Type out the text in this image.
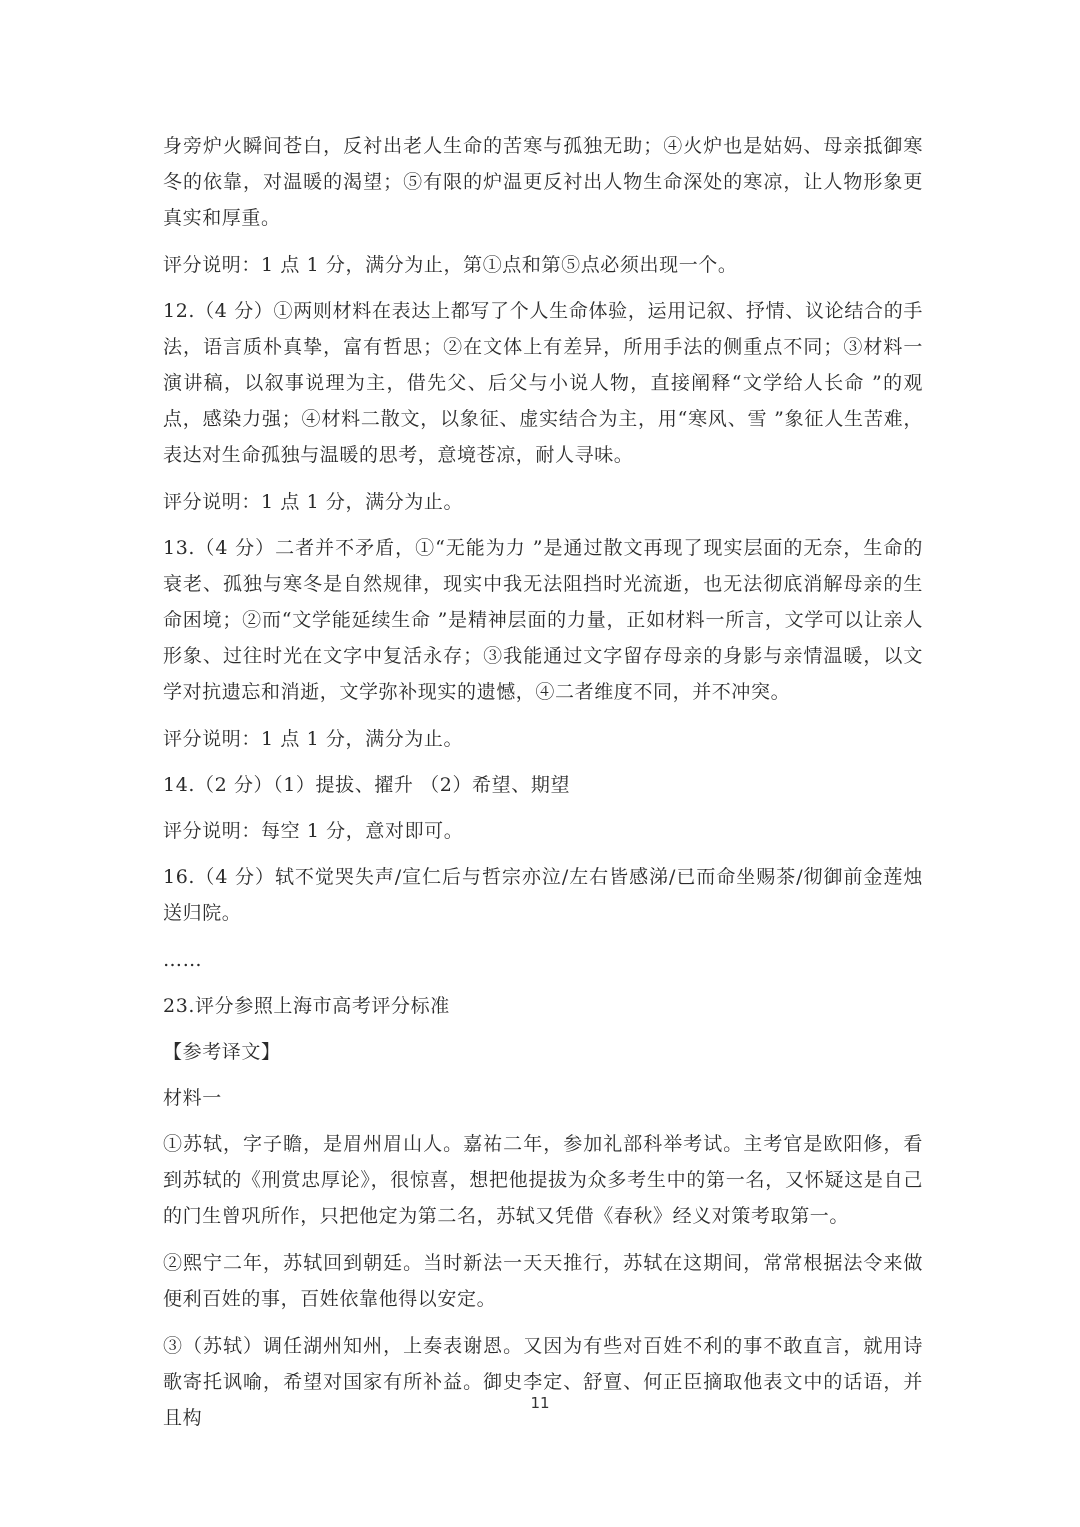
身旁炉火瞬间苍白，反衬出老人生命的苦寒与孤独无助；④火炉也是姑妈、母亲抵御寒冬的依靠，对温暖的渴望；⑤有限的炉温更反衬出人物生命深处的寒凉，让人物形象更真实和厚重。

评分说明：1 点 1 分，满分为止，第①点和第⑤点必须出现一个。

12.（4 分）①两则材料在表达上都写了个人生命体验，运用记叙、抒情、议论结合的手法，语言质朴真挚，富有哲思；②在文体上有差异，所用手法的侧重点不同；③材料一演讲稿，以叙事说理为主，借先父、后父与小说人物，直接阐释“文学给人长命 ”的观点，感染力强；④材料二散文，以象征、虚实结合为主，用“寒风、雪 ”象征人生苦难，表达对生命孤独与温暖的思考，意境苍凉，耐人寻味。

评分说明：1 点 1 分，满分为止。

13.（4 分）二者并不矛盾，①“无能为力 ”是通过散文再现了现实层面的无奈，生命的衰老、孤独与寒冬是自然规律，现实中我无法阻挡时光流逝，也无法彻底消解母亲的生命困境；②而“文学能延续生命 ”是精神层面的力量，正如材料一所言，文学可以让亲人形象、过往时光在文字中复活永存；③我能通过文字留存母亲的身影与亲情温暖，以文学对抗遗忘和消逝，文学弥补现实的遗憾，④二者维度不同，并不冲突。

评分说明：1 点 1 分，满分为止。

14.（2 分）（1）提拔、擢升 （2）希望、期望

评分说明：每空 1 分，意对即可。

16.（4 分）轼不觉哭失声/宣仁后与哲宗亦泣/左右皆感涕/已而命坐赐茶/彻御前金莲烛送归院。

……

23.评分参照上海市高考评分标准

【参考译文】

材料一

①苏轼，字子瞻，是眉州眉山人。嘉祐二年，参加礼部科举考试。主考官是欧阳修，看到苏轼的《刑赏忠厚论》，很惊喜，想把他提拔为众多考生中的第一名，又怀疑这是自己的门生曾巩所作，只把他定为第二名，苏轼又凭借《春秋》经义对策考取第一。

②熙宁二年，苏轼回到朝廷。当时新法一天天推行，苏轼在这期间，常常根据法令来做便利百姓的事，百姓依靠他得以安定。

③（苏轼）调任湖州知州，上奏表谢恩。又因为有些对百姓不利的事不敢直言，就用诗歌寄托讽喻，希望对国家有所补益。御史李定、舒亶、何正臣摘取他表文中的话语，并且构

11
